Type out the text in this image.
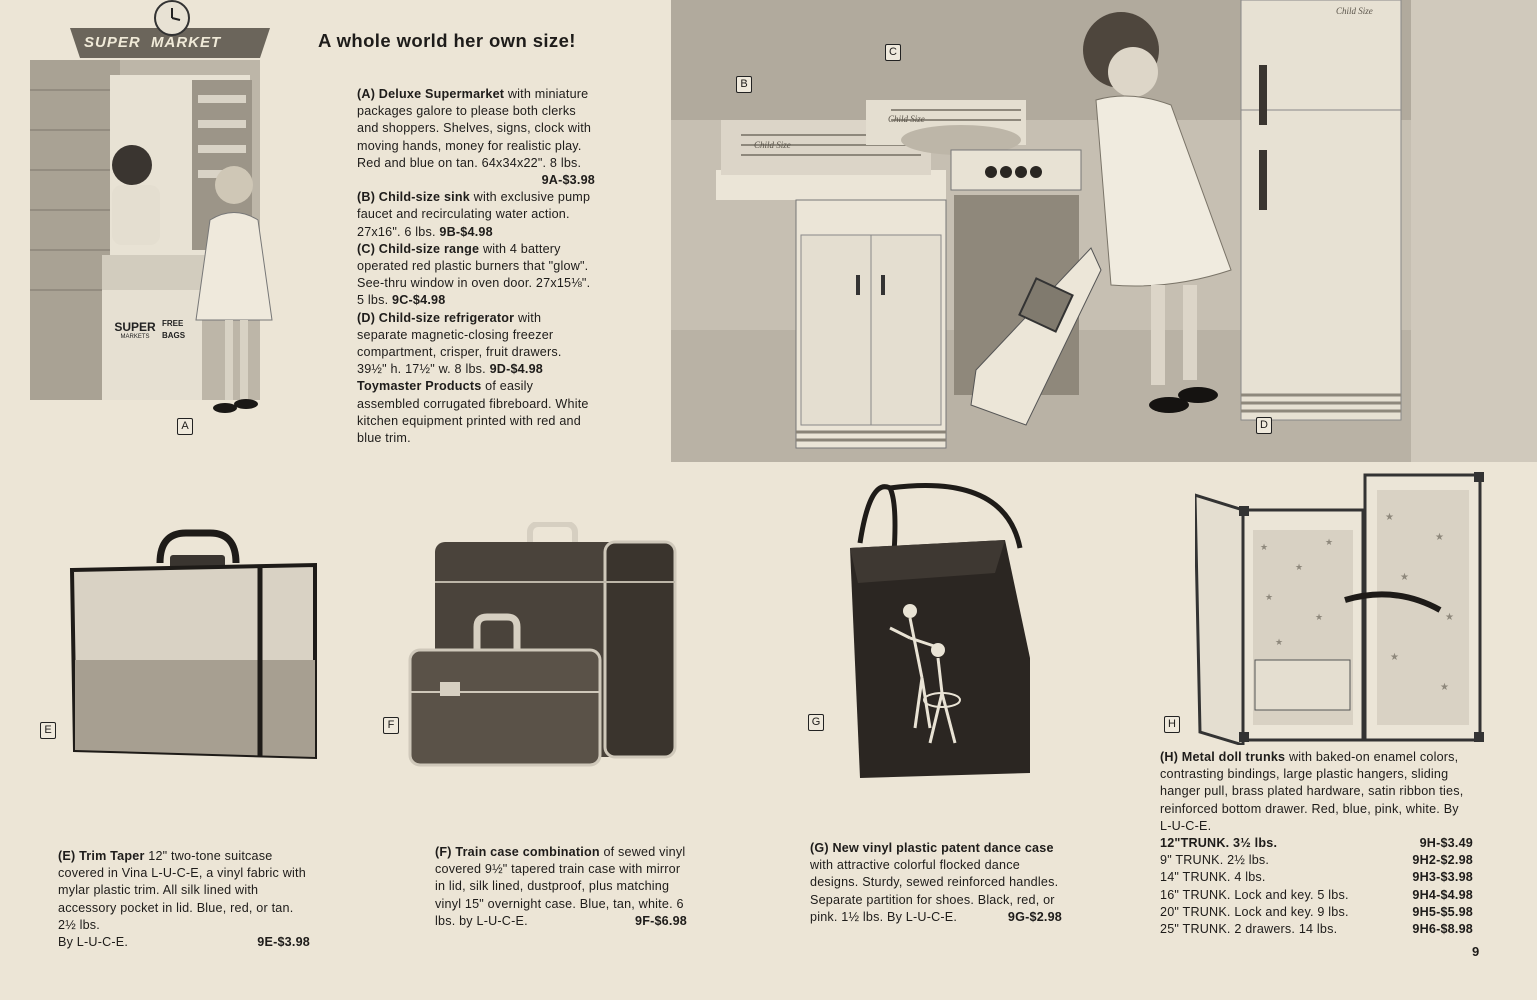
SUPER  MARKET
SUPER
MARKETS
FREE BAGS
A
A whole world her own size!
(A) Deluxe Supermarket with miniature packages galore to please both clerks and shoppers. Shelves, signs, clock with moving hands, money for realistic play. Red and blue on tan. 64x34x22". 8 lbs.
9A-$3.98
(B) Child-size sink with exclusive pump faucet and recirculating water action. 27x16". 6 lbs. 9B-$4.98
(C) Child-size range with 4 battery operated red plastic burners that "glow". See-thru window in oven door. 27x15⅛". 5 lbs. 9C-$4.98
(D) Child-size refrigerator with separate magnetic-closing freezer compartment, crisper, fruit drawers. 39½" h. 17½" w. 8 lbs. 9D-$4.98
Toymaster Products of easily assembled corrugated fibreboard. White kitchen equipment printed with red and blue trim.
Child Size
Child Size
Child Size
B
C
D
E	F	G
★
★
★
★
★
★
★
★
★
★
★
★
H
(E) Trim Taper 12" two-tone suitcase covered in Vina L-U-C-E, a vinyl fabric with mylar plastic trim. All silk lined with accessory pocket in lid. Blue, red, or tan. 2½ lbs.
By L-U-C-E.	9E-$3.98
(F) Train case combination of sewed vinyl covered 9½" tapered train case with mirror in lid, silk lined, dustproof, plus matching vinyl 15" overnight case. Blue, tan, white. 6 lbs. by L-U-C-E.	9F-$6.98
(G) New vinyl plastic patent dance case with attractive colorful flocked dance designs. Sturdy, sewed reinforced handles. Separate partition for shoes. Black, red, or pink. 1½ lbs. By L-U-C-E.	9G-$2.98
(H) Metal doll trunks with baked-on enamel colors, contrasting bindings, large plastic hangers, sliding hanger pull, brass plated hardware, satin ribbon ties, reinforced bottom drawer. Red, blue, pink, white. By L-U-C-E.
12"TRUNK. 3½ lbs.	9H-$3.49
9" TRUNK. 2½ lbs.	9H2-$2.98
14" TRUNK. 4 lbs.	9H3-$3.98
16" TRUNK. Lock and key. 5 lbs.	9H4-$4.98
20" TRUNK. Lock and key. 9 lbs.	9H5-$5.98
25" TRUNK. 2 drawers. 14 lbs.	9H6-$8.98
9
